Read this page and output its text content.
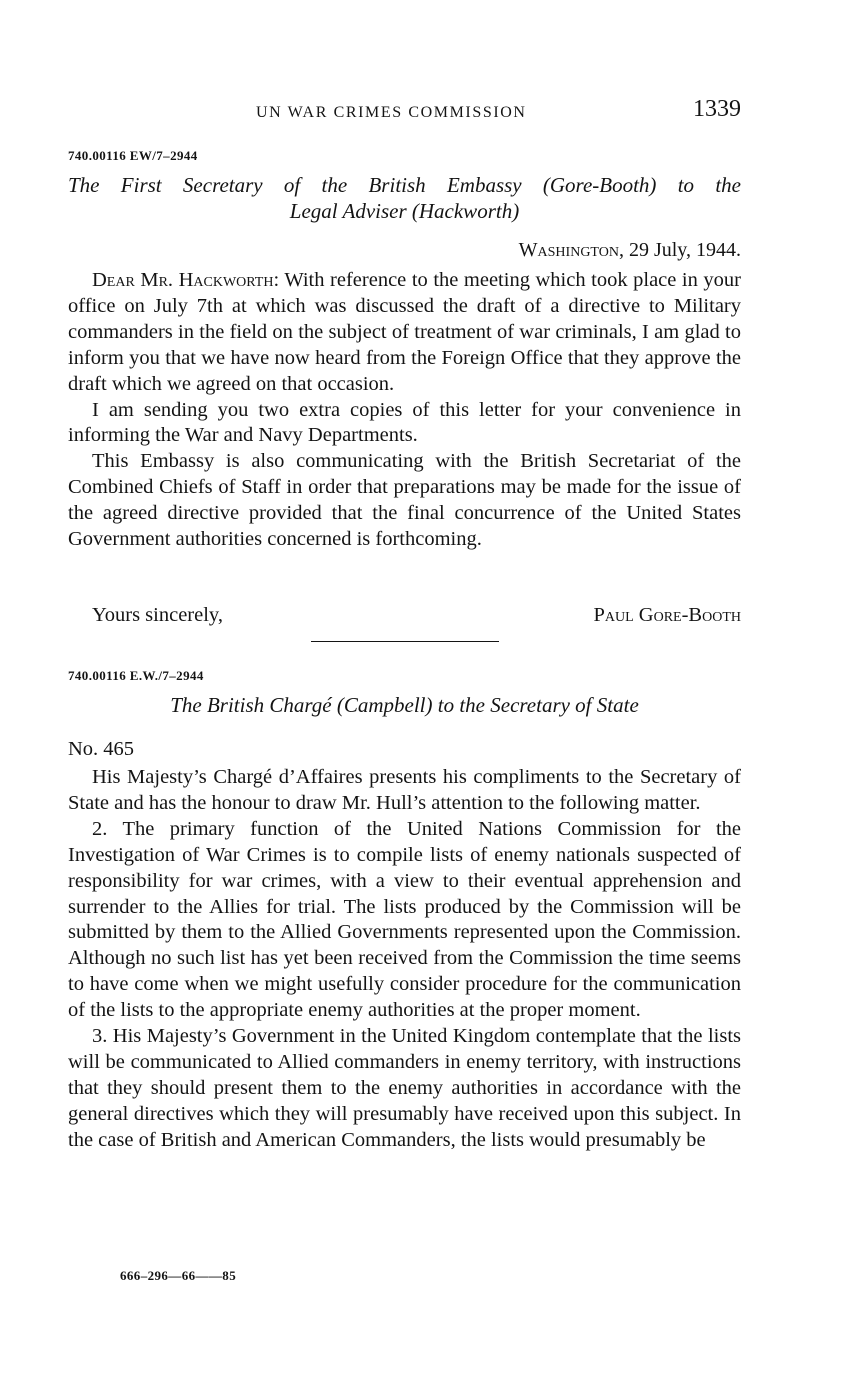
UN WAR CRIMES COMMISSION	1339
740.00116 EW/7–2944
The First Secretary of the British Embassy (Gore-Booth) to the
Legal Adviser (Hackworth)
Washington, 29 July, 1944.

Dear Mr. Hackworth: With reference to the meeting which took place in your office on July 7th at which was discussed the draft of a directive to Military commanders in the field on the subject of treatment of war criminals, I am glad to inform you that we have now heard from the Foreign Office that they approve the draft which we agreed on that occasion.

I am sending you two extra copies of this letter for your convenience in informing the War and Navy Departments.

This Embassy is also communicating with the British Secretariat of the Combined Chiefs of Staff in order that preparations may be made for the issue of the agreed directive provided that the final concurrence of the United States Government authorities concerned is forthcoming.

Yours sincerely,	Paul Gore-Booth
740.00116 E.W./7–2944
The British Chargé (Campbell) to the Secretary of State
No. 465

His Majesty’s Chargé d’Affaires presents his compliments to the Secretary of State and has the honour to draw Mr. Hull’s attention to the following matter.

2. The primary function of the United Nations Commission for the Investigation of War Crimes is to compile lists of enemy nationals suspected of responsibility for war crimes, with a view to their eventual apprehension and surrender to the Allies for trial. The lists produced by the Commission will be submitted by them to the Allied Governments represented upon the Commission. Although no such list has yet been received from the Commission the time seems to have come when we might usefully consider procedure for the communication of the lists to the appropriate enemy authorities at the proper moment.

3. His Majesty’s Government in the United Kingdom contemplate that the lists will be communicated to Allied commanders in enemy territory, with instructions that they should present them to the enemy authorities in accordance with the general directives which they will presumably have received upon this subject. In the case of British and American Commanders, the lists would presumably be

666–296—66——85
